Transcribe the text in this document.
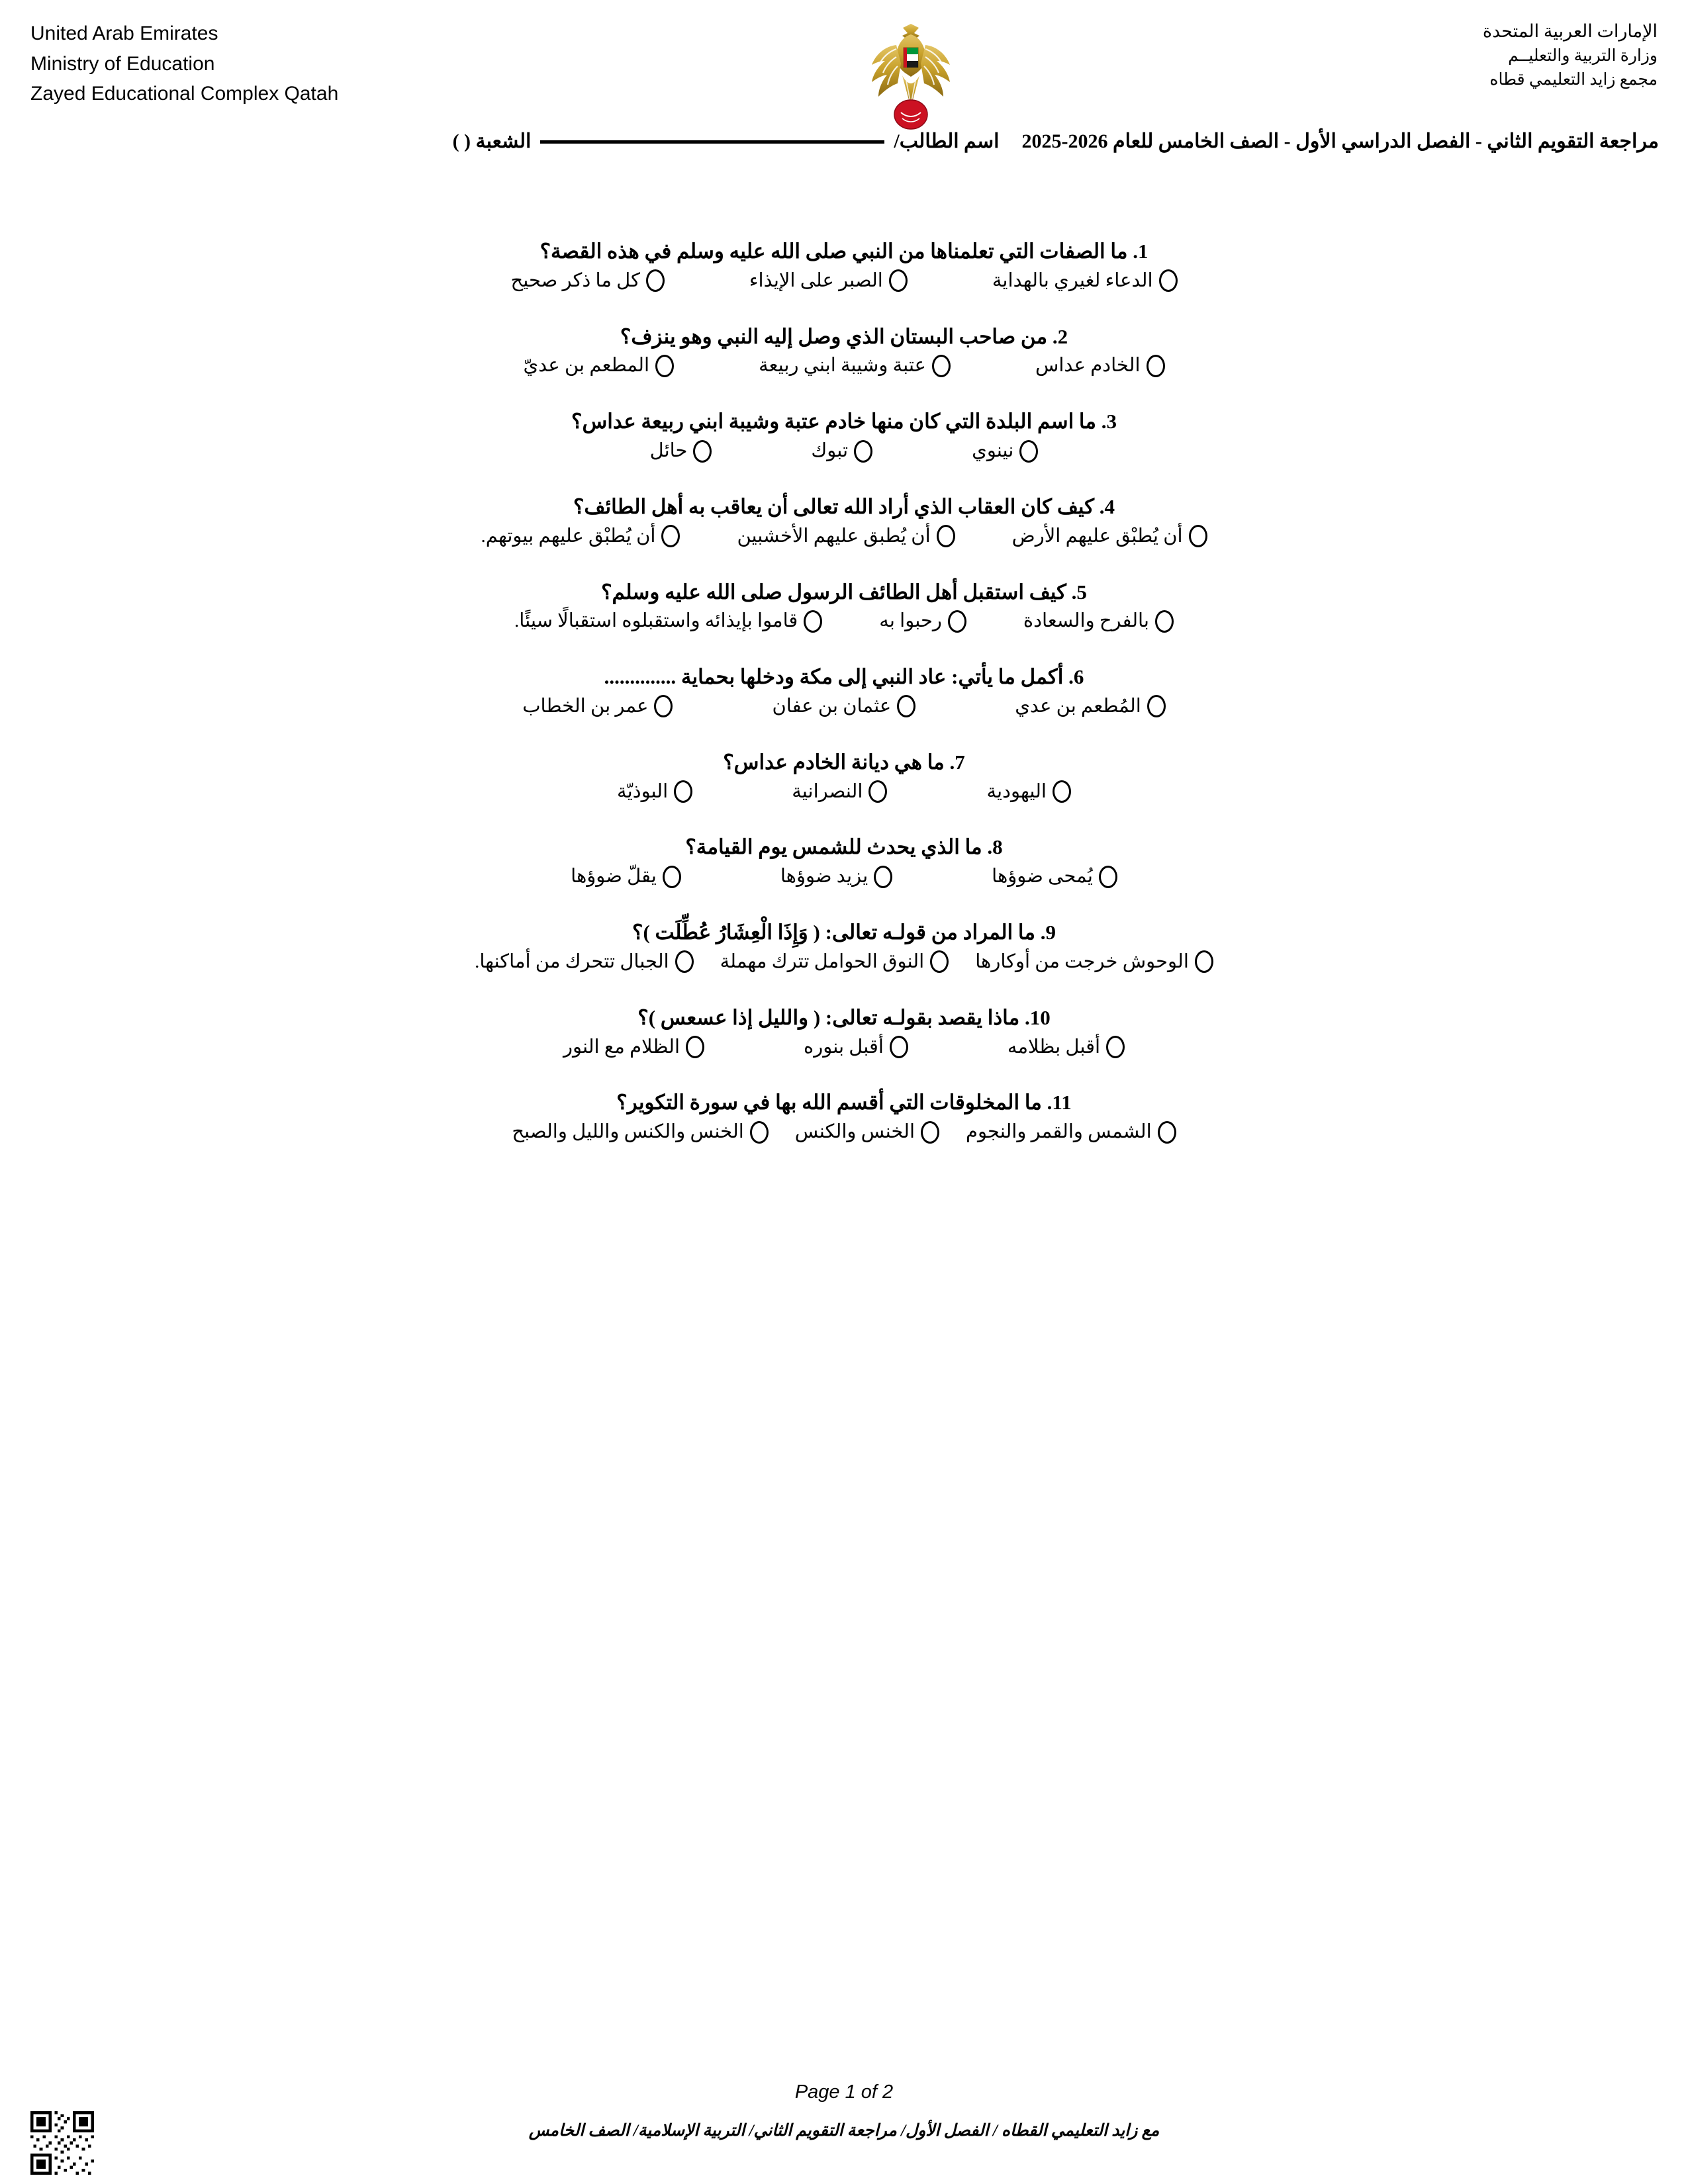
United Arab Emirates
Ministry of Education
Zayed Educational Complex Qatah
الإمارات العربية المتحدة
وزارة التربية والتعليــم
مجمع زايد التعليمي قطاه
مراجعة التقويم الثاني - الفصل الدراسي الأول - الصف الخامس للعام 2026-2025
اسم الطالب/
الشعبة ( )
1. ما الصفات التي تعلمناها من النبي صلى الله عليه وسلم في هذه القصة؟
الدعاء لغيري بالهداية
الصبر على الإيذاء
كل ما ذكر صحيح
2. من صاحب البستان الذي وصل إليه النبي وهو ينزف؟
الخادم عداس
عتبة وشيبة ابني ربيعة
المطعم بن عديّ
3. ما اسم البلدة التي كان منها خادم عتبة وشيبة ابني ربيعة عداس؟
نينوي
تبوك
حائل
4. كيف كان العقاب الذي أراد الله تعالى أن يعاقب به أهل الطائف؟
أن يُطبْق عليهم الأرض
أن يُطبق عليهم الأخشبين
أن يُطبْق عليهم بيوتهم.
5. كيف استقبل أهل الطائف الرسول صلى الله عليه وسلم؟
بالفرح والسعادة
رحبوا به
قاموا بإيذائه واستقبلوه استقبالًا سيئًا.
6. أكمل ما يأتي: عاد النبي إلى مكة ودخلها بحماية ..............
المُطعم بن عدي
عثمان بن عفان
عمر بن الخطاب
7. ما هي ديانة الخادم عداس؟
اليهودية
النصرانية
البوذيّة
8. ما الذي يحدث للشمس يوم القيامة؟
يُمحى ضوؤها
يزيد ضوؤها
يقلّ ضوؤها
9. ما المراد من قولـه تعالى: ( وَإِذَا الْعِشَارُ عُطِّلَت )؟
الوحوش خرجت من أوكارها
النوق الحوامل تترك مهملة
الجبال تتحرك من أماكنها.
10. ماذا يقصد بقولـه تعالى: ( والليل إذا عسعس )؟
أقبل بظلامه
أقبل بنوره
الظلام مع النور
11. ما المخلوقات التي أقسم الله بها في سورة التكوير؟
الشمس والقمر والنجوم
الخنس والكنس
الخنس والكنس والليل والصبح
Page 1 of 2
مع زايد التعليمي القطاه / الفصل الأول/ مراجعة التقويم الثاني/ التربية الإسلامية/ الصف الخامس
